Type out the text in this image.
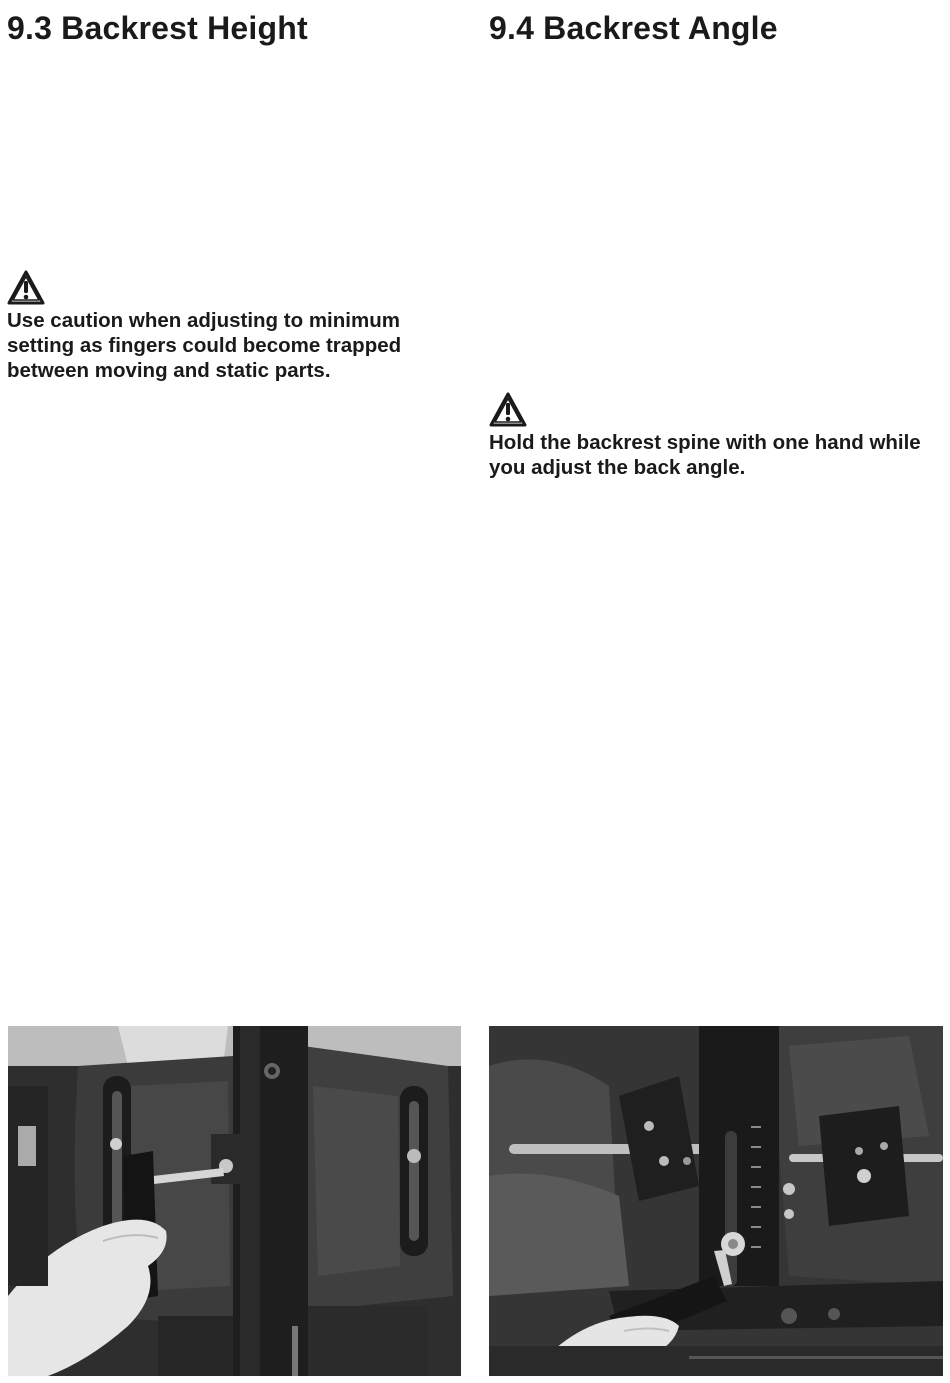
9.3 Backrest Height	9.4 Backrest Angle

Use caution when adjusting to minimum setting as fingers could become trapped between moving and static parts.

Hold the backrest spine with one hand while you adjust the back angle.
